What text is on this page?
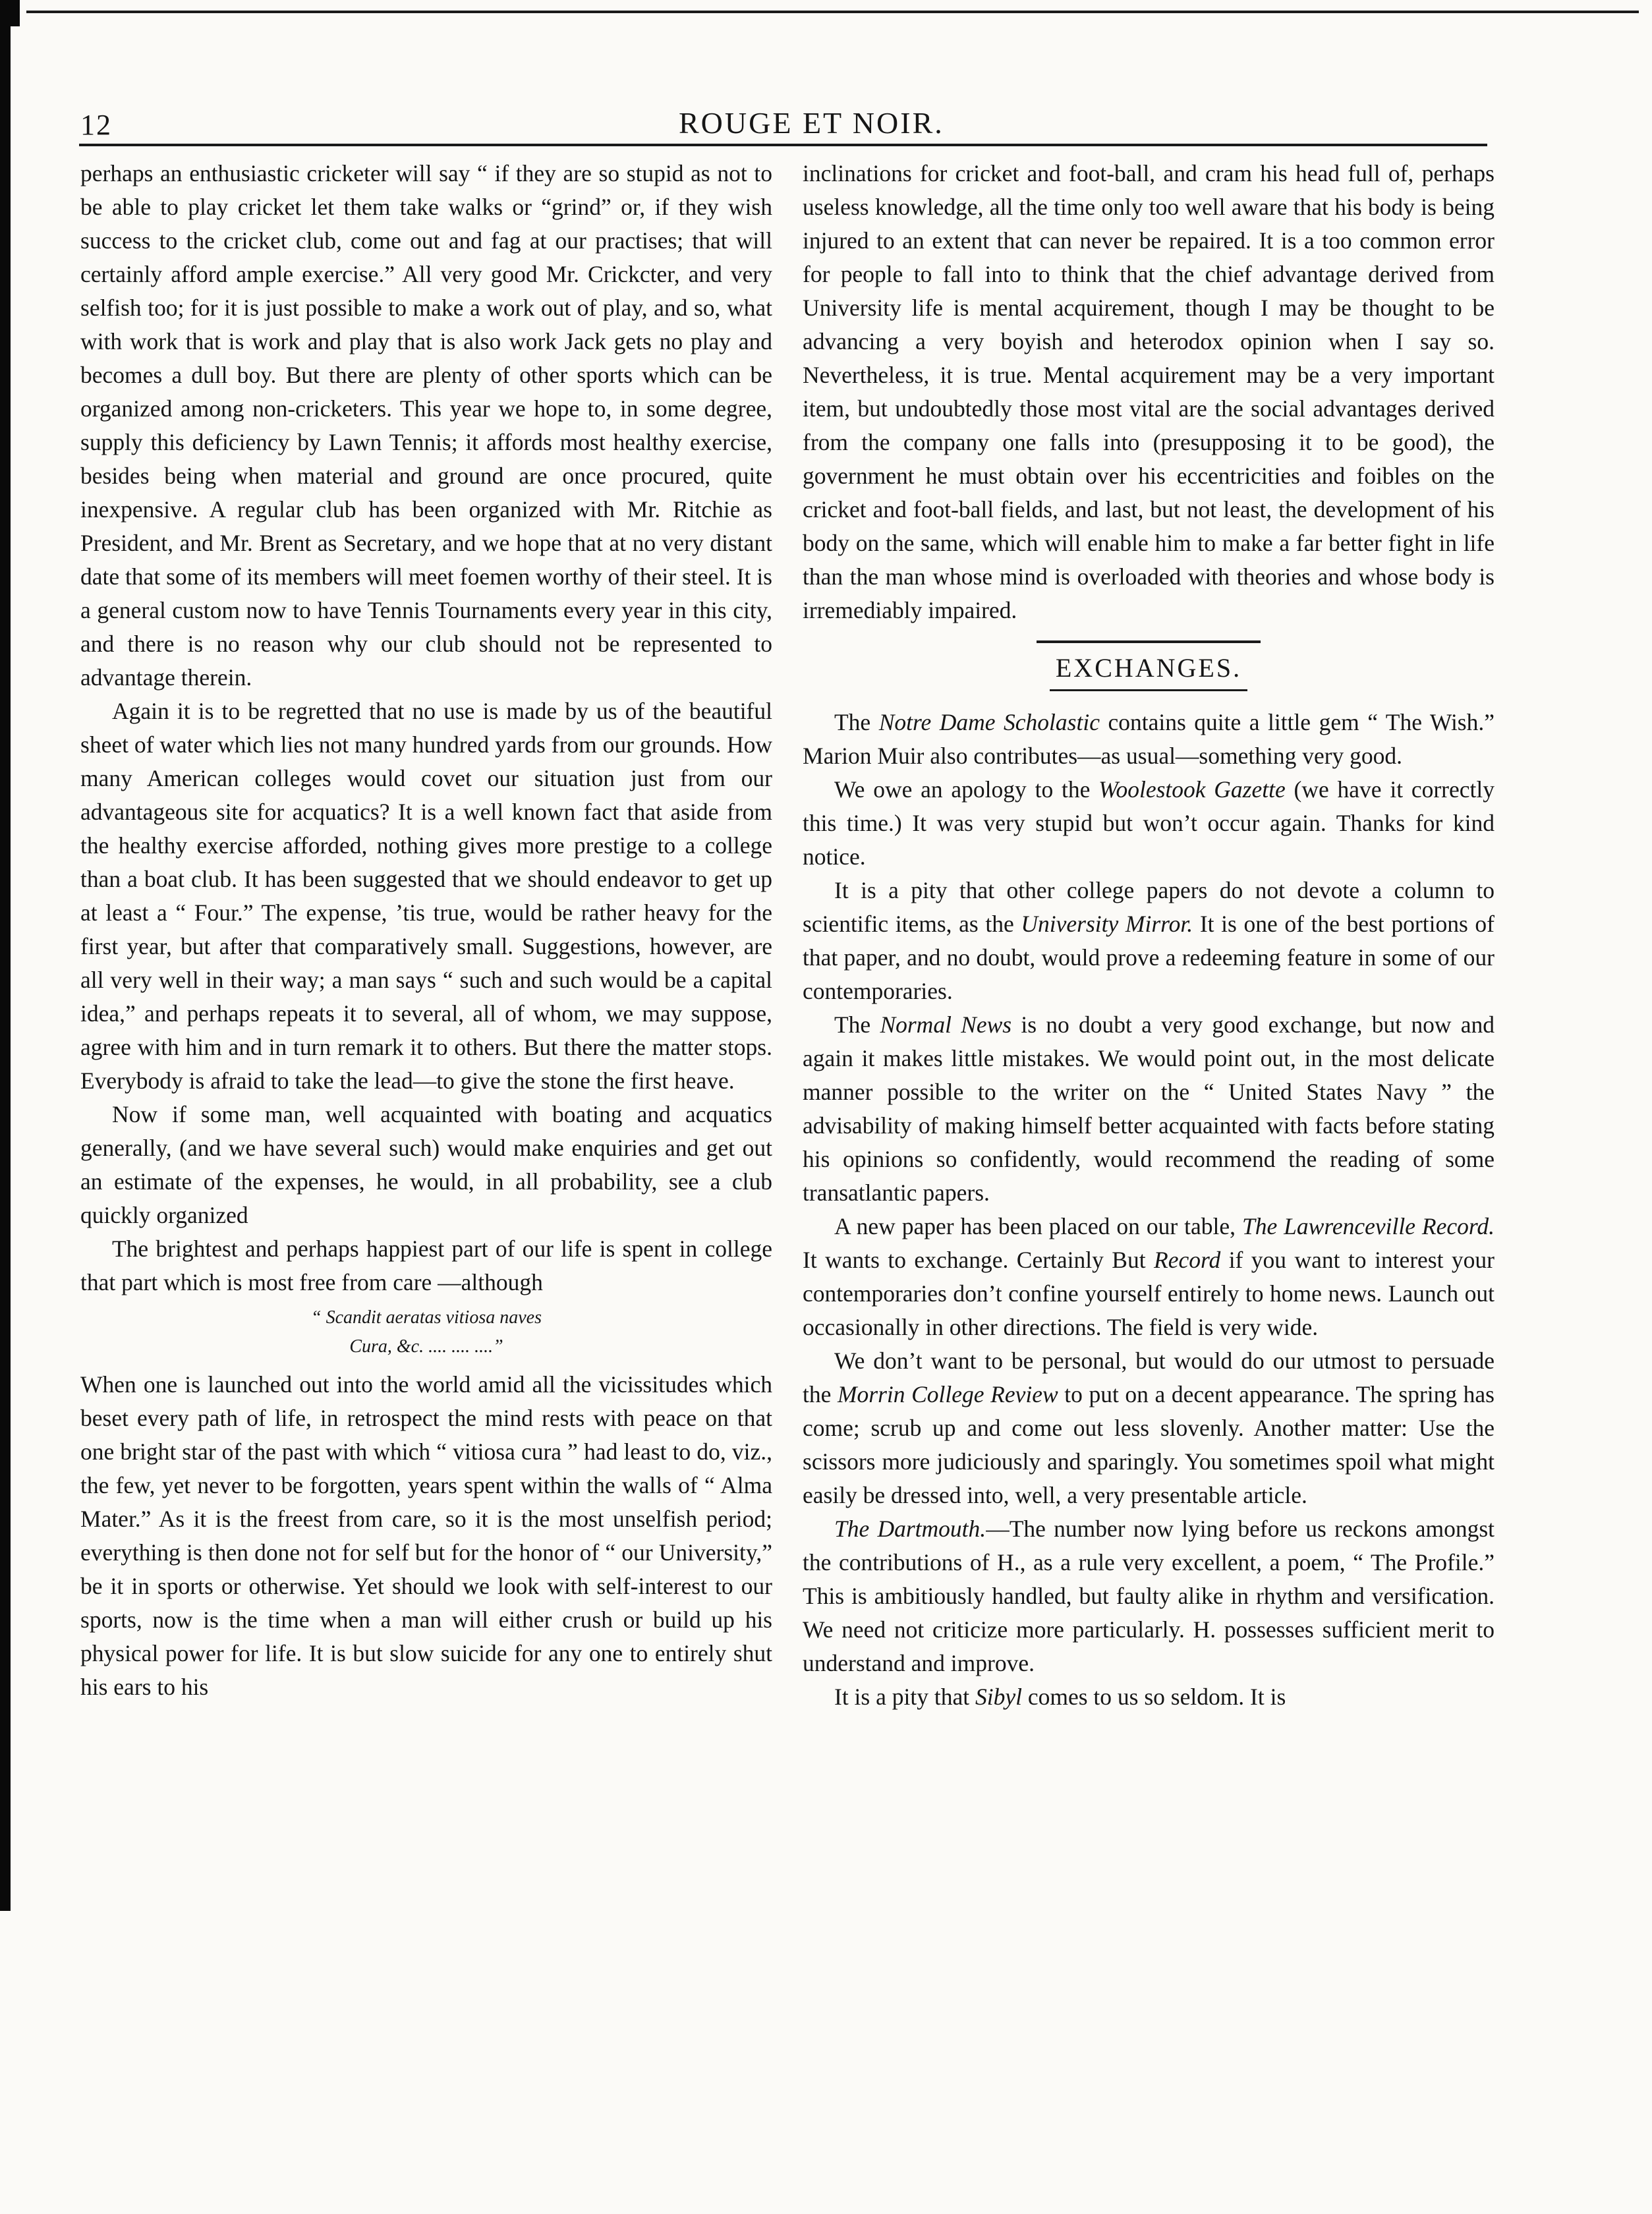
12	ROUGE ET NOIR.

perhaps an enthusiastic cricketer will say “ if they are so stupid as not to be able to play cricket let them take walks or “grind” or, if they wish success to the cricket club, come out and fag at our practises; that will certainly afford ample exercise.” All very good Mr. Crickcter, and very selfish too; for it is just possible to make a work out of play, and so, what with work that is work and play that is also work Jack gets no play and becomes a dull boy. But there are plenty of other sports which can be organized among non-cricketers. This year we hope to, in some degree, supply this deficiency by Lawn Tennis; it affords most healthy exercise, besides being when material and ground are once procured, quite inexpensive. A regular club has been organized with Mr. Ritchie as President, and Mr. Brent as Secretary, and we hope that at no very distant date that some of its members will meet foemen worthy of their steel. It is a general custom now to have Tennis Tournaments every year in this city, and there is no reason why our club should not be represented to advantage therein.

Again it is to be regretted that no use is made by us of the beautiful sheet of water which lies not many hundred yards from our grounds. How many American colleges would covet our situation just from our advantageous site for acquatics? It is a well known fact that aside from the healthy exercise afforded, nothing gives more prestige to a college than a boat club. It has been suggested that we should endeavor to get up at least a “ Four.” The expense, ’tis true, would be rather heavy for the first year, but after that comparatively small. Suggestions, however, are all very well in their way; a man says “ such and such would be a capital idea,” and perhaps repeats it to several, all of whom, we may suppose, agree with him and in turn remark it to others. But there the matter stops. Everybody is afraid to take the lead—to give the stone the first heave.

Now if some man, well acquainted with boating and acquatics generally, (and we have several such) would make enquiries and get out an estimate of the expenses, he would, in all probability, see a club quickly organized

The brightest and perhaps happiest part of our life is spent in college that part which is most free from care —although

“ Scandit aeratas vitiosa naves
Cura, &c. .... .... ....”

When one is launched out into the world amid all the vicissitudes which beset every path of life, in retrospect the mind rests with peace on that one bright star of the past with which “ vitiosa cura ” had least to do, viz., the few, yet never to be forgotten, years spent within the walls of “ Alma Mater.” As it is the freest from care, so it is the most unselfish period; everything is then done not for self but for the honor of “ our University,” be it in sports or otherwise. Yet should we look with self-interest to our sports, now is the time when a man will either crush or build up his physical power for life. It is but slow suicide for any one to entirely shut his ears to his

inclinations for cricket and foot-ball, and cram his head full of, perhaps useless knowledge, all the time only too well aware that his body is being injured to an extent that can never be repaired. It is a too common error for people to fall into to think that the chief advantage derived from University life is mental acquirement, though I may be thought to be advancing a very boyish and heterodox opinion when I say so. Nevertheless, it is true. Mental acquirement may be a very important item, but undoubtedly those most vital are the social advantages derived from the company one falls into (presupposing it to be good), the government he must obtain over his eccentricities and foibles on the cricket and foot-ball fields, and last, but not least, the development of his body on the same, which will enable him to make a far better fight in life than the man whose mind is overloaded with theories and whose body is irremediably impaired.

EXCHANGES.

The Notre Dame Scholastic contains quite a little gem “ The Wish.” Marion Muir also contributes—as usual—something very good.

We owe an apology to the Woolestook Gazette (we have it correctly this time.) It was very stupid but won’t occur again. Thanks for kind notice.

It is a pity that other college papers do not devote a column to scientific items, as the University Mirror. It is one of the best portions of that paper, and no doubt, would prove a redeeming feature in some of our contemporaries.

The Normal News is no doubt a very good exchange, but now and again it makes little mistakes. We would point out, in the most delicate manner possible to the writer on the “ United States Navy ” the advisability of making himself better acquainted with facts before stating his opinions so confidently, would recommend the reading of some transatlantic papers.

A new paper has been placed on our table, The Lawrenceville Record. It wants to exchange. Certainly But Record if you want to interest your contemporaries don’t confine yourself entirely to home news. Launch out occasionally in other directions. The field is very wide.

We don’t want to be personal, but would do our utmost to persuade the Morrin College Review to put on a decent appearance. The spring has come; scrub up and come out less slovenly. Another matter: Use the scissors more judiciously and sparingly. You sometimes spoil what might easily be dressed into, well, a very presentable article.

The Dartmouth.—The number now lying before us reckons amongst the contributions of H., as a rule very excellent, a poem, “ The Profile.” This is ambitiously handled, but faulty alike in rhythm and versification. We need not criticize more particularly. H. possesses sufficient merit to understand and improve.

It is a pity that Sibyl comes to us so seldom. It is
